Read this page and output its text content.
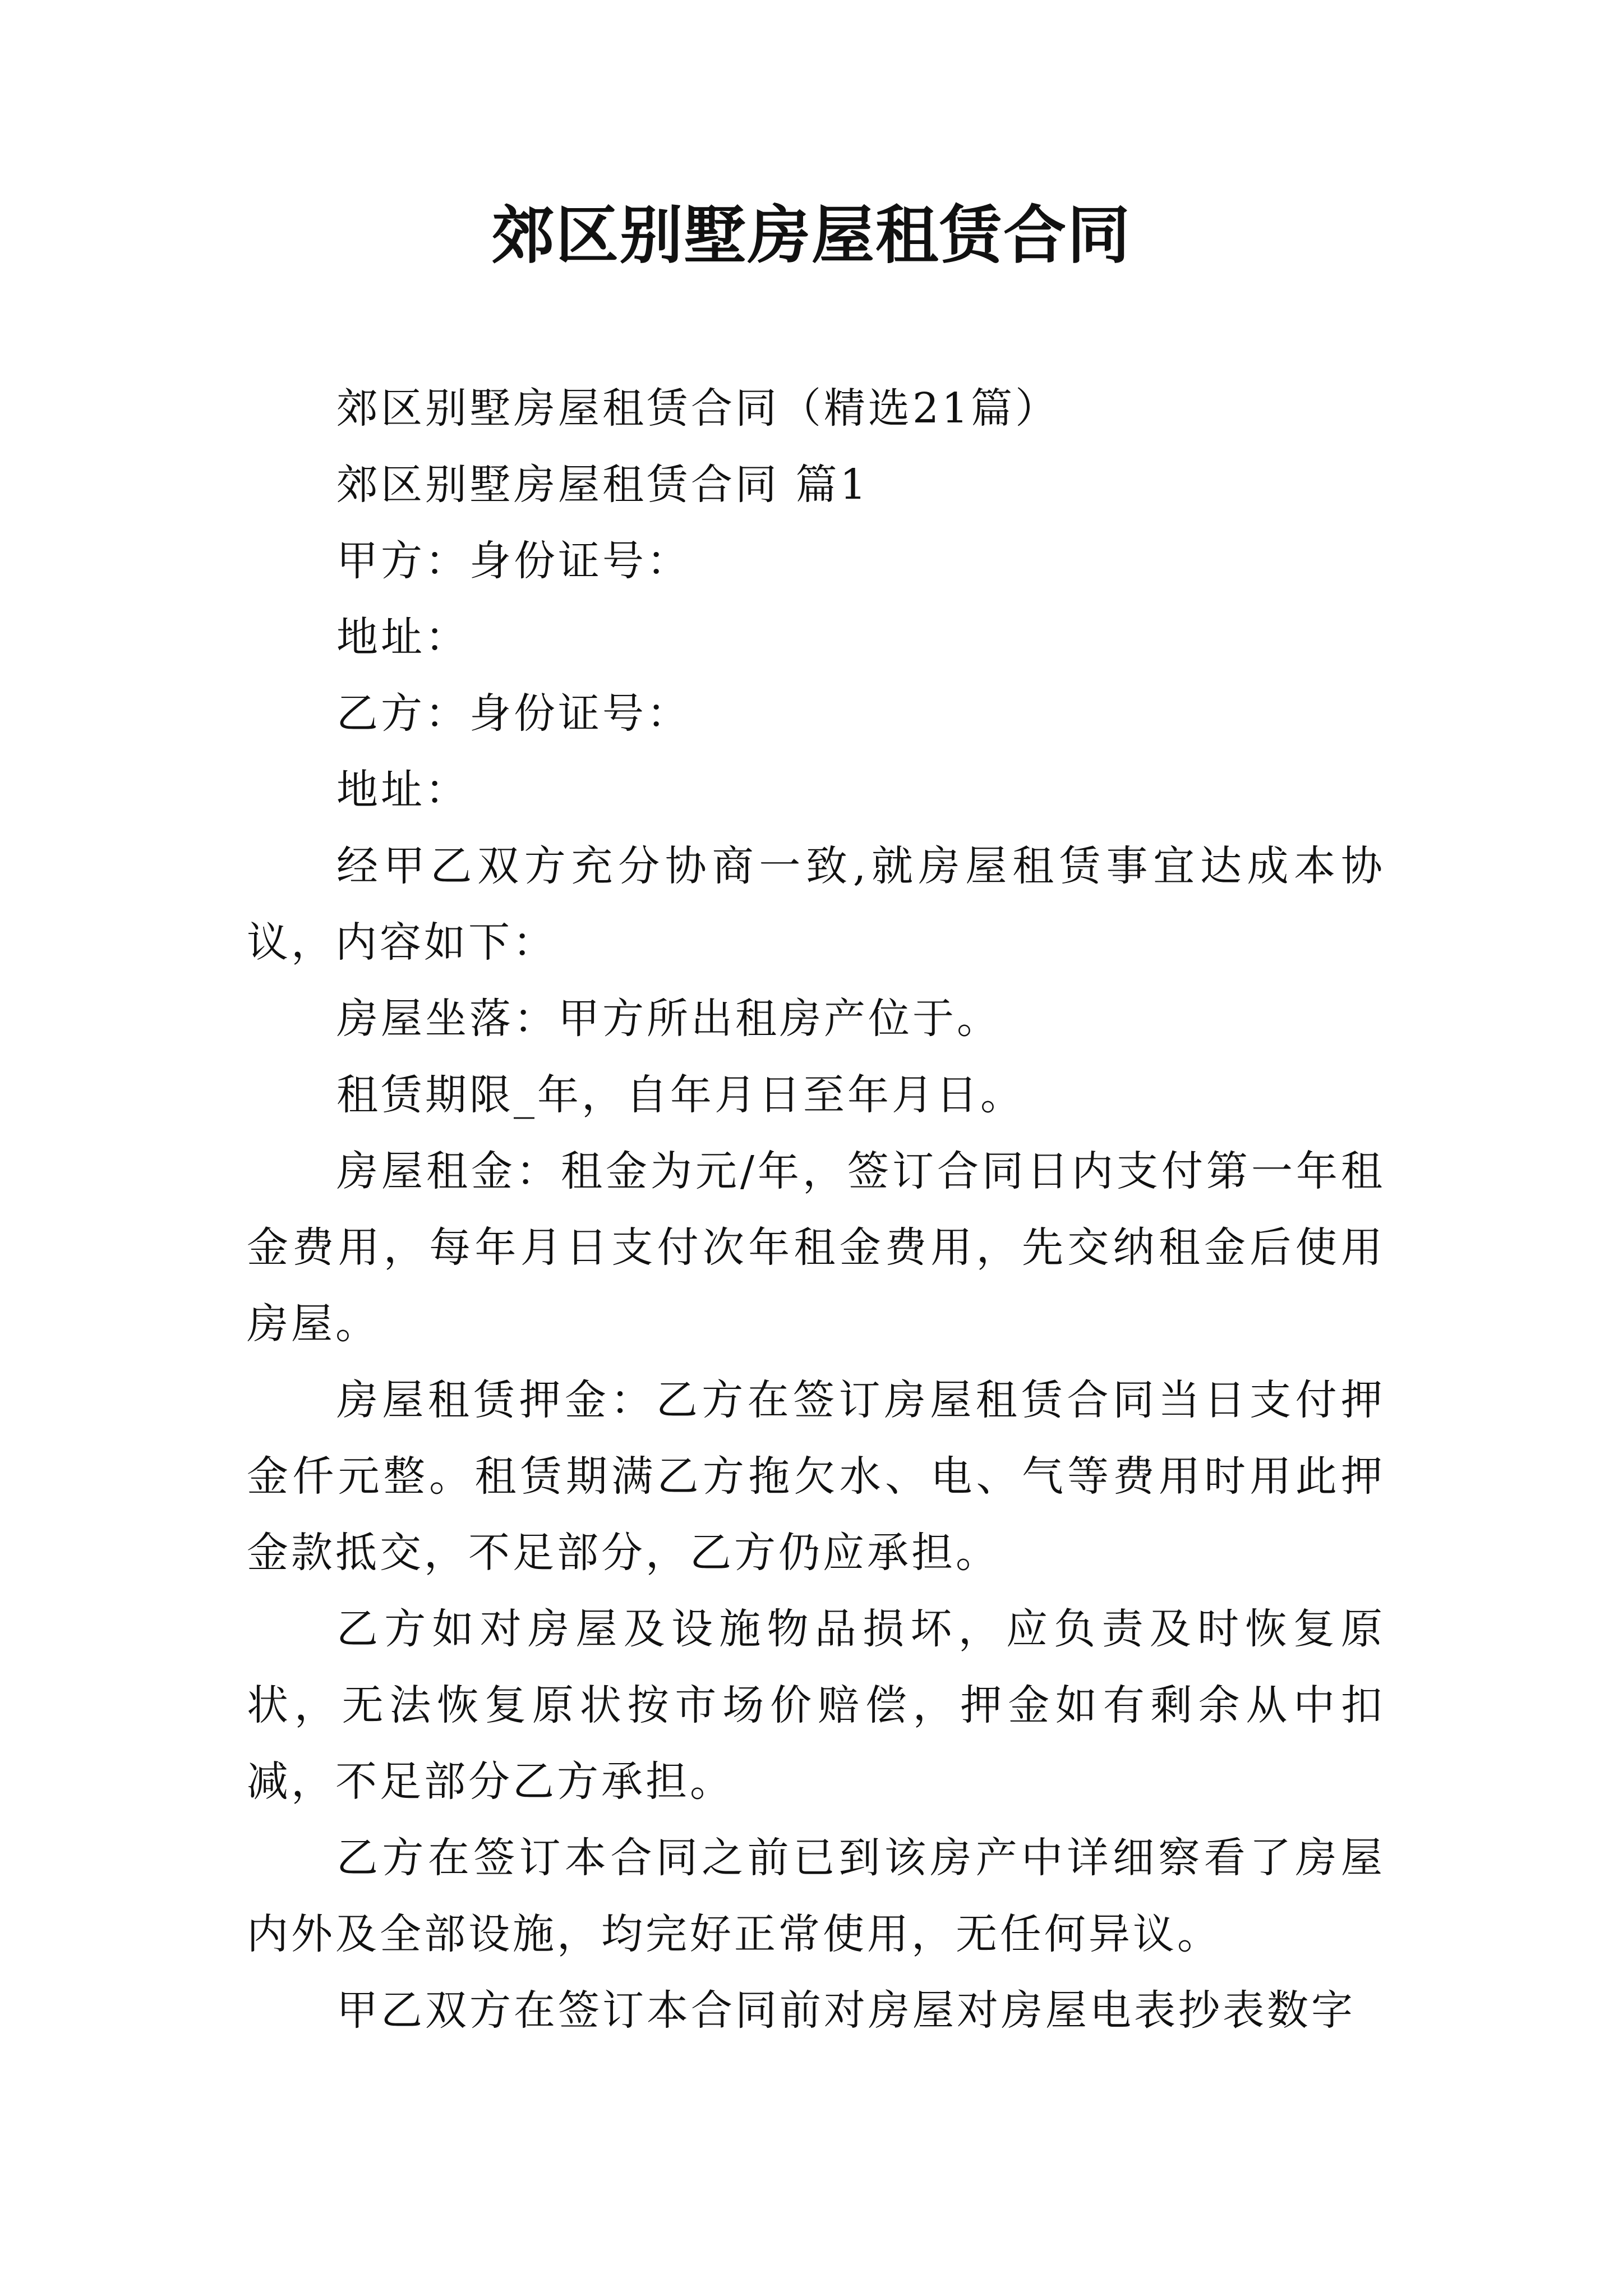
郊区别墅房屋租赁合同

郊区别墅房屋租赁合同（精选21篇）

郊区别墅房屋租赁合同 篇1

甲方：身份证号：

地址：

乙方：身份证号：

地址：

经甲乙双方充分协商一致,就房屋租赁事宜达成本协议，内容如下：

房屋坐落：甲方所出租房产位于。

租赁期限_年，自年月日至年月日。

房屋租金：租金为元/年，签订合同日内支付第一年租金费用，每年月日支付次年租金费用，先交纳租金后使用房屋。

房屋租赁押金：乙方在签订房屋租赁合同当日支付押金仟元整。租赁期满乙方拖欠水、电、气等费用时用此押金款抵交，不足部分，乙方仍应承担。

乙方如对房屋及设施物品损坏，应负责及时恢复原状，无法恢复原状按市场价赔偿，押金如有剩余从中扣减，不足部分乙方承担。

乙方在签订本合同之前已到该房产中详细察看了房屋内外及全部设施，均完好正常使用，无任何异议。

甲乙双方在签订本合同前对房屋对房屋电表抄表数字
